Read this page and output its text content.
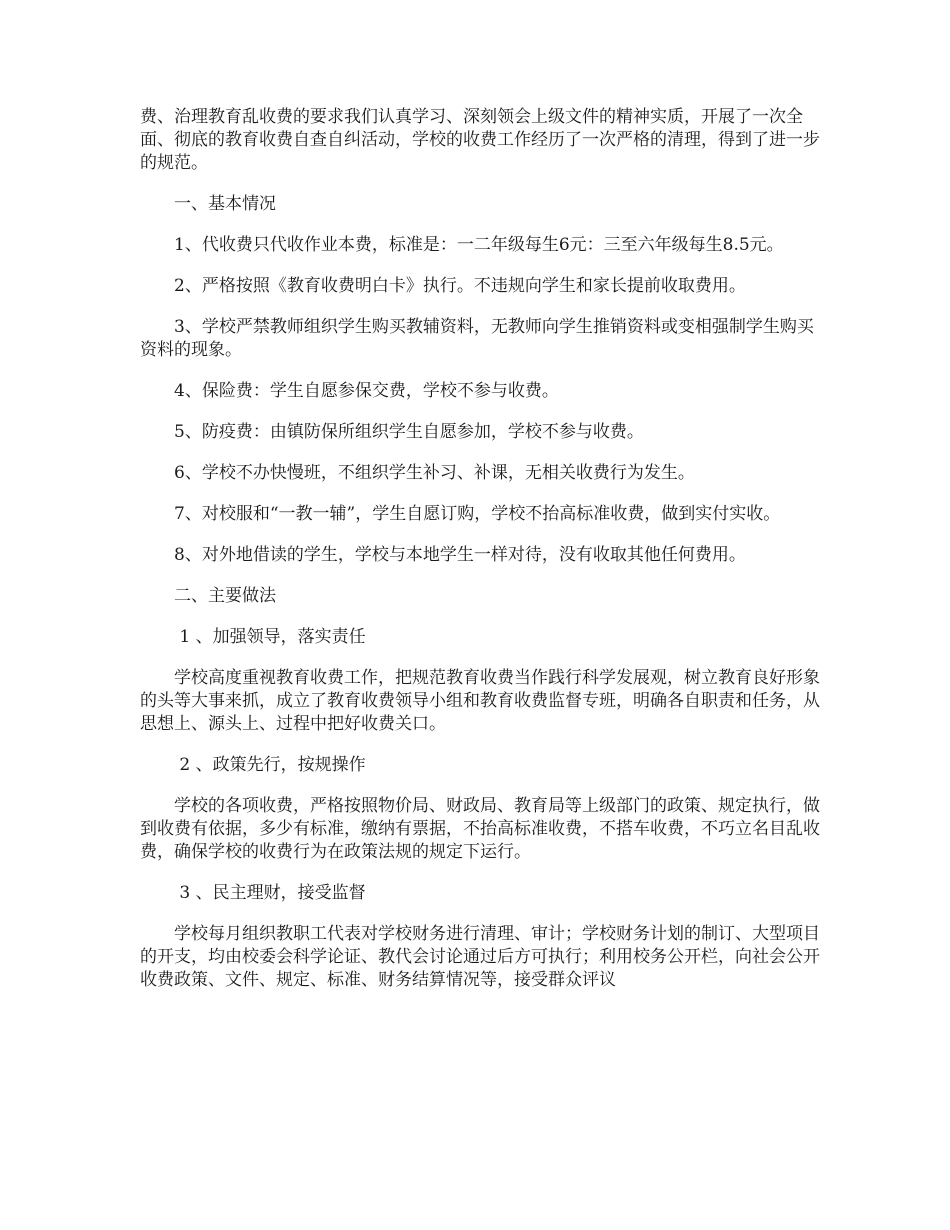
费、治理教育乱收费的要求我们认真学习、深刻领会上级文件的精神实质，开展了一次全面、彻底的教育收费自查自纠活动，学校的收费工作经历了一次严格的清理，得到了进一步的规范。

一、基本情况

1、代收费只代收作业本费，标准是：一二年级每生6元：三至六年级每生8.5元。

2、严格按照《教育收费明白卡》执行。不违规向学生和家长提前收取费用。

3、学校严禁教师组织学生购买教辅资料，无教师向学生推销资料或变相强制学生购买资料的现象。

4、保险费：学生自愿参保交费，学校不参与收费。

5、防疫费：由镇防保所组织学生自愿参加，学校不参与收费。

6、学校不办快慢班，不组织学生补习、补课，无相关收费行为发生。

7、对校服和“一教一辅”，学生自愿订购，学校不抬高标准收费，做到实付实收。

8、对外地借读的学生，学校与本地学生一样对待，没有收取其他任何费用。

二、主要做法

1 、加强领导，落实责任

学校高度重视教育收费工作，把规范教育收费当作践行科学发展观，树立教育良好形象的头等大事来抓，成立了教育收费领导小组和教育收费监督专班，明确各自职责和任务，从思想上、源头上、过程中把好收费关口。

2 、政策先行，按规操作

学校的各项收费，严格按照物价局、财政局、教育局等上级部门的政策、规定执行，做到收费有依据，多少有标准，缴纳有票据，不抬高标准收费，不搭车收费，不巧立名目乱收费，确保学校的收费行为在政策法规的规定下运行。

3 、民主理财，接受监督

学校每月组织教职工代表对学校财务进行清理、审计；学校财务计划的制订、大型项目的开支，均由校委会科学论证、教代会讨论通过后方可执行；利用校务公开栏，向社会公开收费政策、文件、规定、标准、财务结算情况等，接受群众评议
